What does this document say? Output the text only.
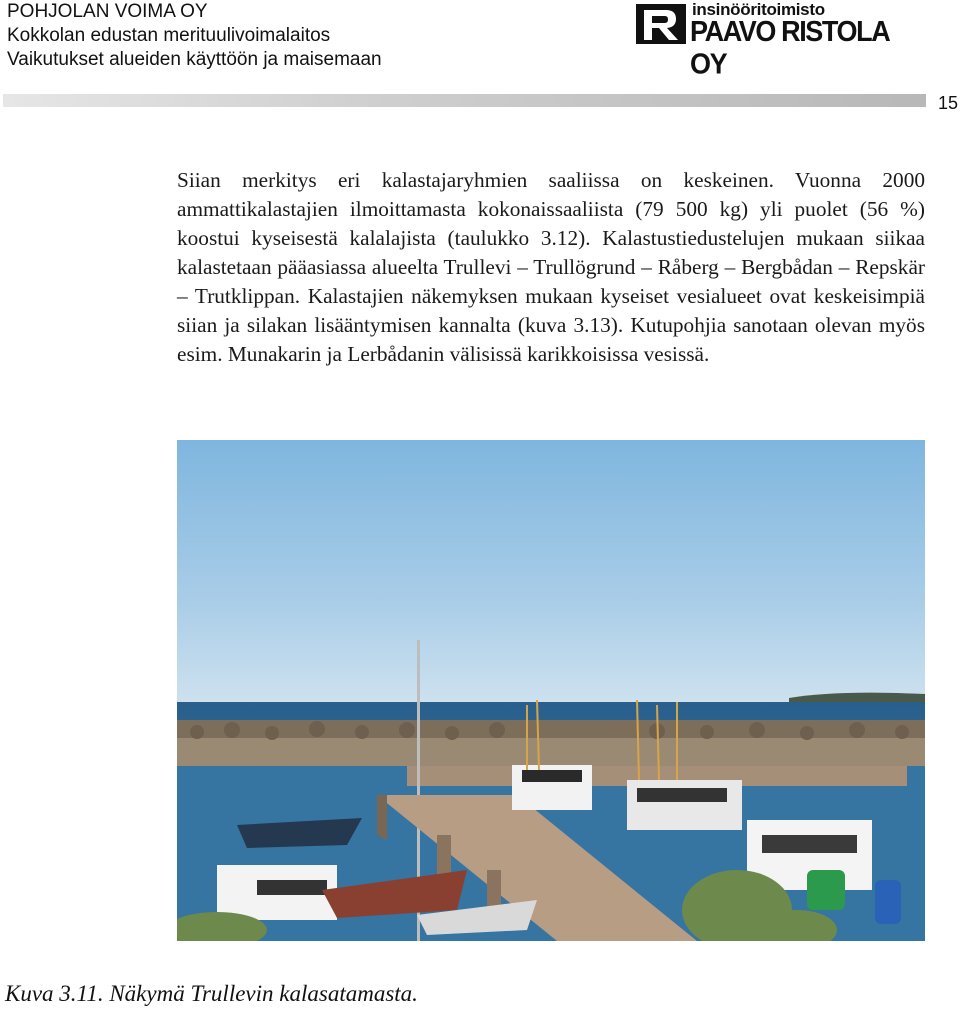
POHJOLAN VOIMA OY
Kokkolan edustan merituulivoimalaitos
Vaikutukset alueiden käyttöön ja maisemaan
insinööritoimisto
PAAVO RISTOLA OY
15

Siian merkitys eri kalastajaryhmien saaliissa on keskeinen. Vuonna 2000 ammattikalastajien ilmoittamasta kokonaissaaliista (79 500 kg) yli puolet (56 %) koostui kyseisestä kalalajista (taulukko 3.12). Kalastustiedustelujen mukaan siikaa kalastetaan pääasiassa alueelta Trullevi – Trullögrund – Råberg – Bergbådan – Repskär – Trutklippan. Kalastajien näkemyksen mukaan kyseiset vesialueet ovat keskeisimpiä siian ja silakan lisääntymisen kannalta (kuva 3.13). Kutupohjia sanotaan olevan myös esim. Munakarin ja Lerbådanin välisissä karikkoisissa vesissä.

Kuva 3.11. Näkymä Trullevin kalasatamasta.
